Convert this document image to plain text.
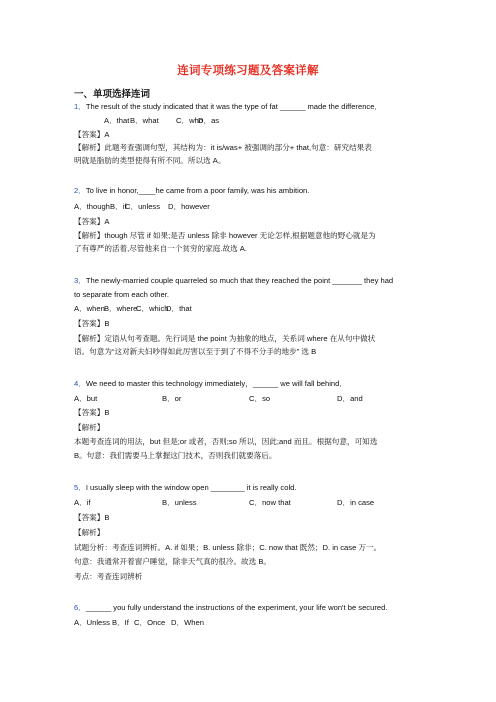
连词专项练习题及答案详解
一、单项选择连词
1．The result of the study indicated that it was the type of fat ______ made the difference．
A．thatB．what C．whoD．as
【答案】A
【解析】此题考查强调句型，其结构为：it is/was+ 被强调的部分+ that,句意：研究结果表
明就是脂肪的类型使得有所不同。所以选 A。
2．To live in honor,____he came from a poor family, was his ambition.
A．thoughB．ifC．unless D．however
【答案】A
【解析】though 尽管 if 如果;是否 unless 除非 however 无论怎样,根据题意他的野心就是为
了有尊严的活着,尽管他来自一个贫穷的家庭.故选 A.
3．The newly-married couple quarreled so much that they reached the point _______ they had
to separate from each other.
A．whenB．whereC．whichD．that
【答案】B
【解析】定语从句考查题。先行词是 the point 为抽象的地点，关系词 where 在从句中做状
语。句意为“这对新夫妇吵得如此厉害以至于到了不得不分手的地步” 选 B
4．We need to master this technology immediately，______ we will fall behind．
A．but	B．or	C．so	D．and
【答案】B
【解析】
本题考查连词的用法，but 但是;or 或者，否则;so 所以，因此;and 而且。根据句意，可知选
B。句意：我们需要马上掌握这门技术，否则我们就要落后。
5．I usually sleep with the window open ________ it is really cold.
A．if	B．unless	C．now that	D．in case
【答案】B
【解析】
试题分析：考查连词辨析。A. if 如果；B. unless 除非；C. now that 既然；D. in case 万一。
句意：我通常开着窗户睡觉，除非天气真的很冷。故选 B。
考点：考查连词辨析
6．______ you fully understand the instructions of the experiment, your life won't be secured.
A．Unless B．If C．Once D．When
